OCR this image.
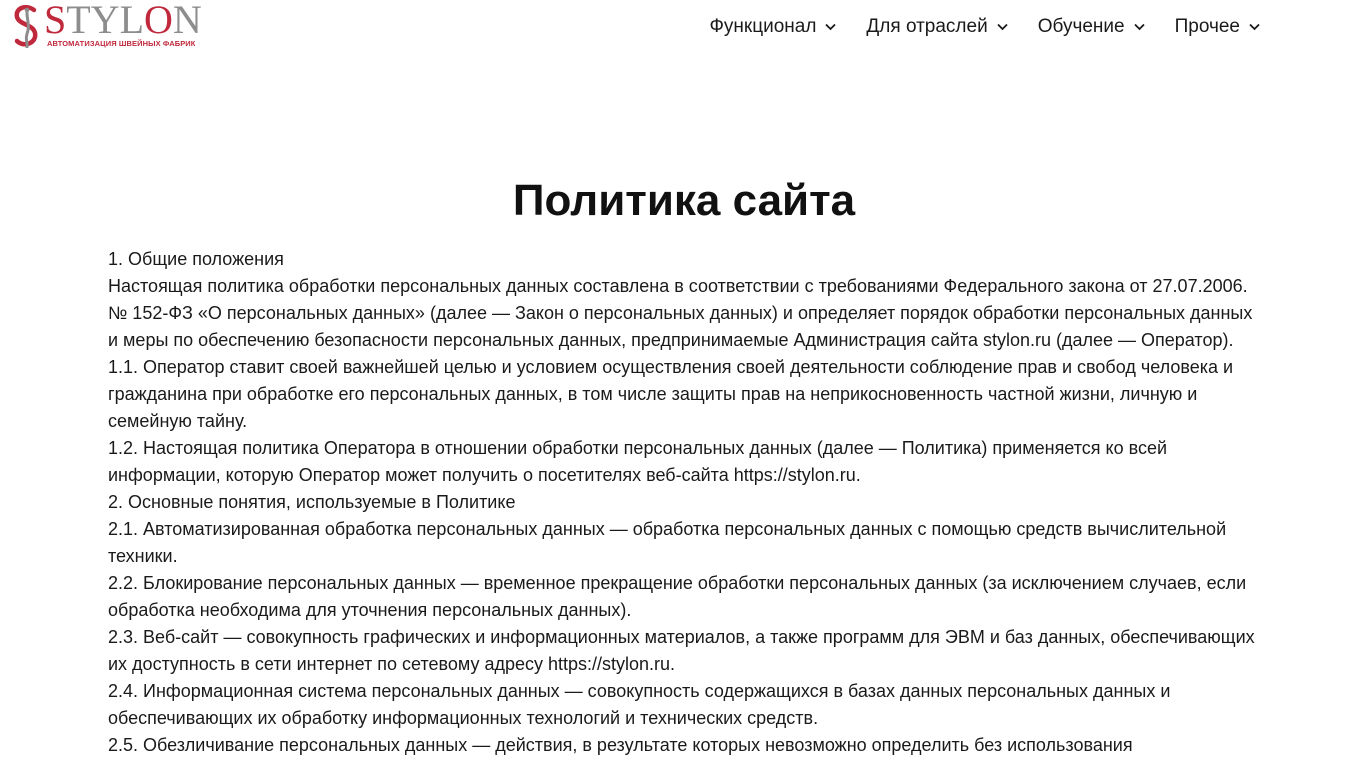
STYLON
АВТОМАТИЗАЦИЯ ШВЕЙНЫХ ФАБРИК
Функционал	Для отраслей	Обучение	Прочее
Политика сайта

1. Общие положения

Настоящая политика обработки персональных данных составлена в соответствии с требованиями Федерального закона от 27.07.2006. № 152-ФЗ «О персональных данных» (далее — Закон о персональных данных) и определяет порядок обработки персональных данных и меры по обеспечению безопасности персональных данных, предпринимаемые Администрация сайта stylon.ru (далее — Оператор).

1.1. Оператор ставит своей важнейшей целью и условием осуществления своей деятельности соблюдение прав и свобод человека и гражданина при обработке его персональных данных, в том числе защиты прав на неприкосновенность частной жизни, личную и семейную тайну.

1.2. Настоящая политика Оператора в отношении обработки персональных данных (далее — Политика) применяется ко всей информации, которую Оператор может получить о посетителях веб-сайта https://stylon.ru.

2. Основные понятия, используемые в Политике

2.1. Автоматизированная обработка персональных данных — обработка персональных данных с помощью средств вычислительной техники.

2.2. Блокирование персональных данных — временное прекращение обработки персональных данных (за исключением случаев, если обработка необходима для уточнения персональных данных).

2.3. Веб-сайт — совокупность графических и информационных материалов, а также программ для ЭВМ и баз данных, обеспечивающих их доступность в сети интернет по сетевому адресу https://stylon.ru.

2.4. Информационная система персональных данных — совокупность содержащихся в базах данных персональных данных и обеспечивающих их обработку информационных технологий и технических средств.

2.5. Обезличивание персональных данных — действия, в результате которых невозможно определить без использования
